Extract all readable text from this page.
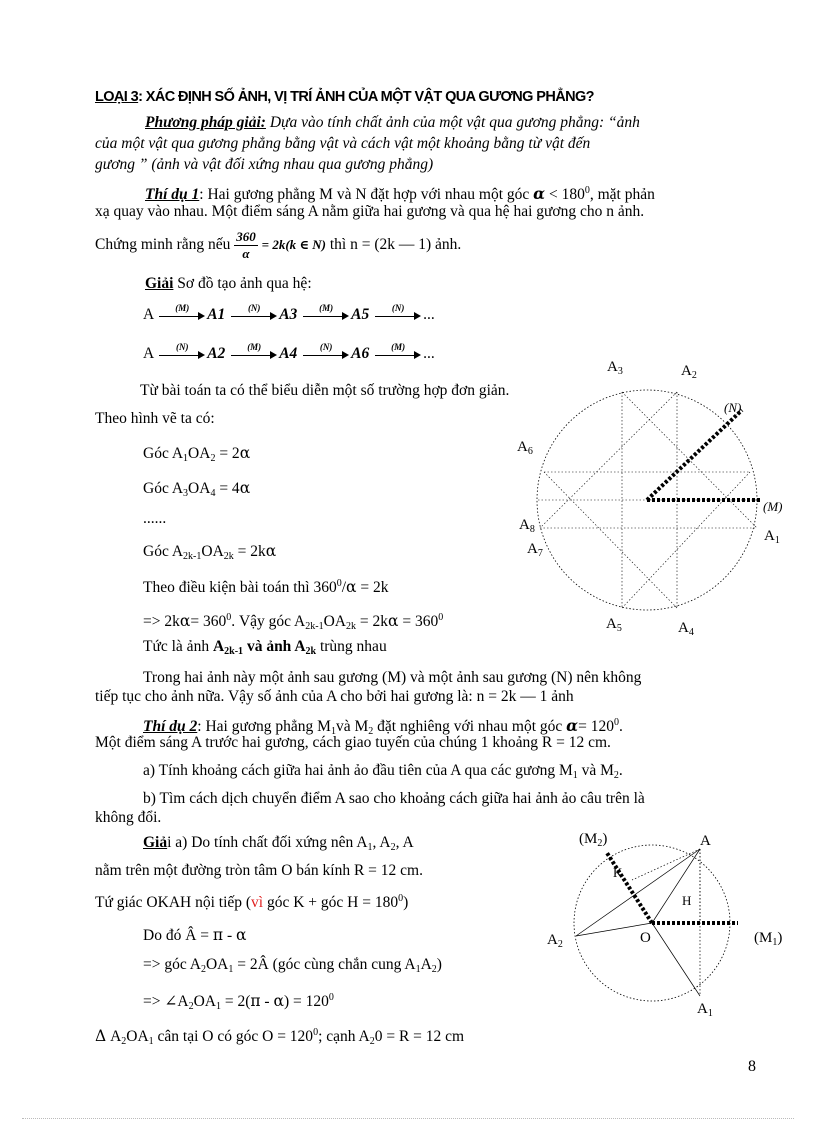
LOẠI 3: XÁC ĐỊNH SỐ ẢNH, VỊ TRÍ ẢNH CỦA MỘT VẬT QUA GƯƠNG PHẲNG?
Phương pháp giải: Dựa vào tính chất ảnh của một vật qua gương phẳng: “ảnh
của một vật qua gương phẳng bằng vật và cách vật một khoảng bằng từ vật đến
gương ” (ảnh và vật đối xứng nhau qua gương phẳng)
Thí dụ 1: Hai gương phẳng M và N đặt hợp với nhau một góc $\alpha < 180^0$, mặt phản
xạ quay vào nhau. Một điểm sáng A nằm giữa hai gương và qua hệ hai gương cho n ảnh.
Chứng minh rằng nếu $\frac{360}{\alpha} = 2k(k$ ∈ N) thì n = (2k — 1) ảnh.
Giải Sơ đồ tạo ảnh qua hệ:
A	(M)	A1	(N)	A3	(M)	A5	(N)	...
A	(N)	A2	(M)	A4	(N)	A6	(M)	...
Từ bài toán ta có thể biểu diễn một số trường hợp đơn giản.
Theo hình vẽ ta có:
Góc $A_1OA_2 = 2\alpha$
Góc $A_3OA_4 = 4\alpha$
......
Góc $A_{2k-1}OA_{2k} = 2k\alpha$
Theo điều kiện bài toán thì $360^0/\alpha = 2k$
=> $2k\alpha= 360^0$. Vậy góc $A_{2k-1}OA_{2k} = 2k\alpha = 360^0$
Tức là ảnh $A_{2k-1}$ và ảnh $A_{2k}$ trùng nhau
Trong hai ảnh này một ảnh sau gương (M) và một ảnh sau gương (N) nên không
tiếp tục cho ảnh nữa. Vậy số ảnh của A cho bởi hai gương là: n = 2k — 1 ảnh
$A_3$	$A_2$
(N)
$A_6$
(M)
$A_8$	$A_1$
$A_7$
$A_5$	$A_4$
Thí dụ 2: Hai gương phẳng $M_1và$ $M_2$ đặt nghiêng với nhau một góc $\alpha= 120^0$.
Một điểm sáng A trước hai gương, cách giao tuyến của chúng 1 khoảng R = 12 cm.
a) Tính khoảng cách giữa hai ảnh ảo đầu tiên của A qua các gương $M_1$ và $M_2$.
b) Tìm cách dịch chuyển điểm A sao cho khoảng cách giữa hai ảnh ảo câu trên là
không đổi.
Giải a) Do tính chất đối xứng nên $A_1$, $A_2$, A
nằm trên một đường tròn tâm O bán kính R = 12 cm.
Tứ giác OKAH nội tiếp (vì góc K + góc $H = 180^0$)
Do đó Â = π - α
=> góc $A_2OA_1$ = 2Â (góc cùng chắn cung $A_1A_2$)
=> $\angle A_2OA_1 = 2(\pi - \alpha) = 120^0$
Δ $A_2OA_1$ cân tại O có góc $O = 120^0$; cạnh $A_20 = R = 12$ cm
$(M_2)$	A
K
H
$A_2$	O	$(M_1)$
$A_1$
8
